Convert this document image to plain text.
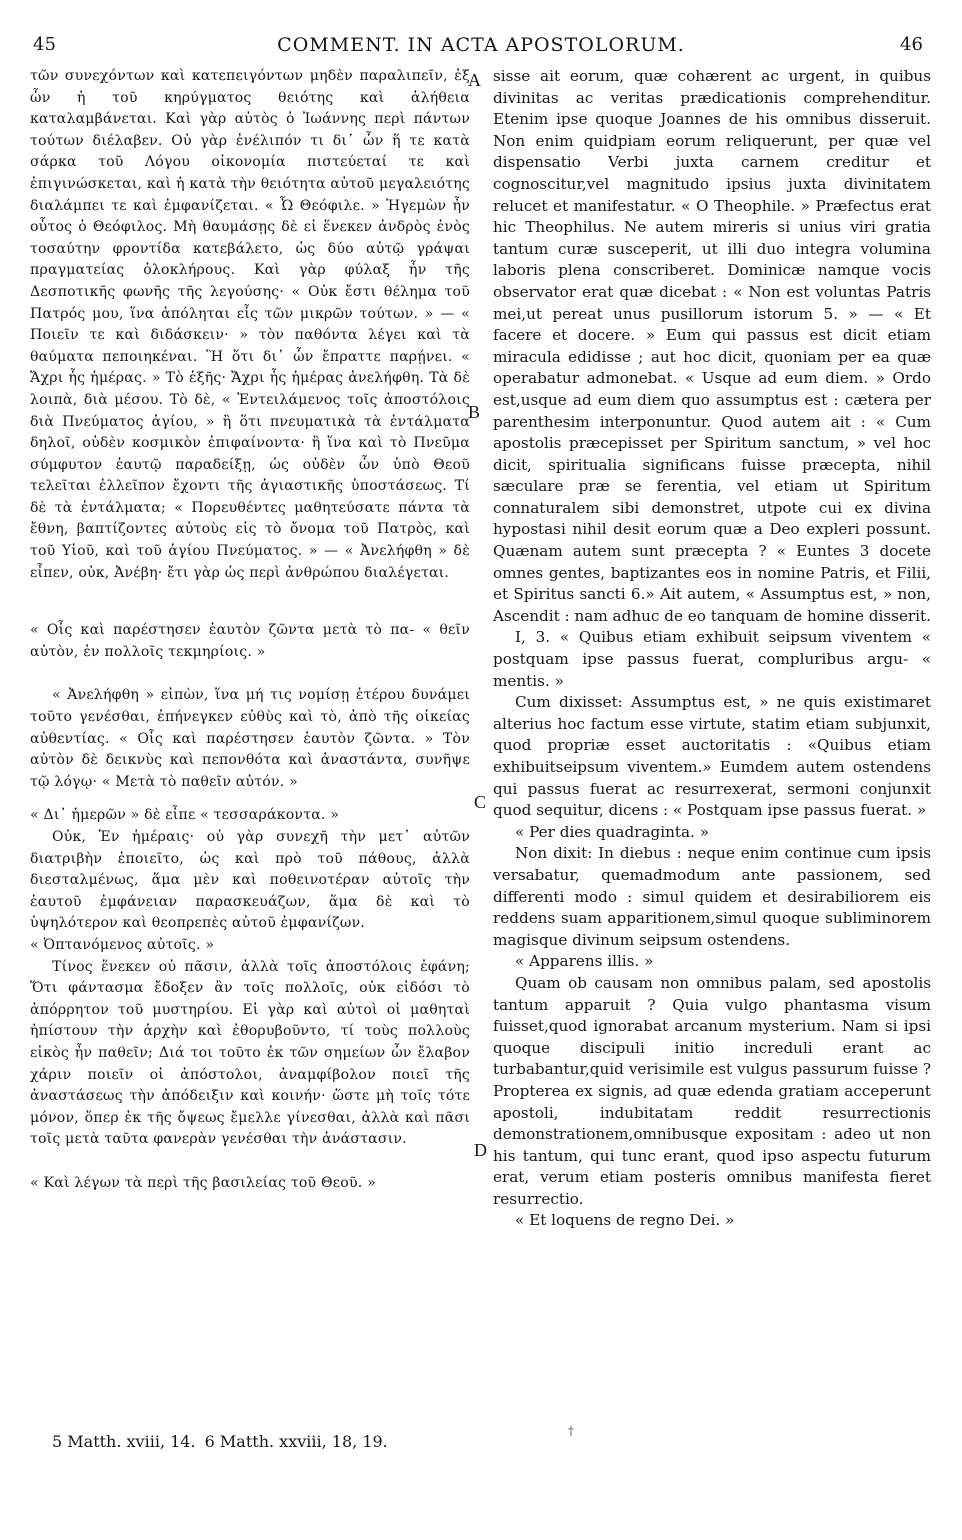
45	COMMENT. IN ACTA APOSTOLORUM.	46

τῶν συνεχόντων καὶ κατεπειγόντων μηδὲν παραλιπεῖν, ἐξ ὧν ἡ τοῦ κηρύγματος θειότης καὶ ἀλήθεια καταλαμβάνεται. Καὶ γὰρ αὐτὸς ὁ Ἰωάννης περὶ πάντων τούτων διέλαβεν. Οὐ γὰρ ἐνέλιπόν τι δι᾿ ὧν ἥ τε κατὰ σάρκα τοῦ Λόγου οἰκονομία πιστεύεταί τε καὶ ἐπιγινώσκεται, καὶ ἡ κατὰ τὴν θειότητα αὐτοῦ μεγαλειότης διαλάμπει τε καὶ ἐμφανίζεται. « Ὦ Θεόφιλε. » Ἡγεμὼν ἦν οὗτος ὁ Θεόφιλος. Μὴ θαυμάσῃς δὲ εἰ ἕνεκεν ἀνδρὸς ἑνὸς τοσαύτην φροντίδα κατεβάλετο, ὡς δύο αὐτῷ γράψαι πραγματείας ὁλοκλήρους. Καὶ γὰρ φύλαξ ἦν τῆς Δεσποτικῆς φωνῆς τῆς λεγούσης· « Οὐκ ἔστι θέλημα τοῦ Πατρός μου, ἵνα ἀπόληται εἷς τῶν μικρῶν τούτων. » — « Ποιεῖν τε καὶ διδάσκειν· » τὸν παθόντα λέγει καὶ τὰ θαύματα πεποιηκέναι. Ἢ ὅτι δι᾿ ὧν ἔπραττε παρῄνει. « Ἄχρι ἧς ἡμέρας. » Τὸ ἑξῆς· Ἄχρι ἧς ἡμέρας ἀνελήφθη. Τὰ δὲ λοιπὰ, διὰ μέσου. Τὸ δὲ, « Ἐντειλάμενος τοῖς ἀποστόλοις διὰ Πνεύματος ἁγίου, » ἢ ὅτι πνευματικὰ τὰ ἐντάλματα δηλοῖ, οὐδὲν κοσμικὸν ἐπιφαίνοντα· ἢ ἵνα καὶ τὸ Πνεῦμα σύμφυτον ἑαυτῷ παραδείξῃ, ὡς οὐδὲν ὧν ὑπὸ Θεοῦ τελεῖται ἐλλεῖπον ἔχοντι τῆς ἁγιαστικῆς ὑποστάσεως. Τί δὲ τὰ ἐντάλματα; « Πορευθέντες μαθητεύσατε πάντα τὰ ἔθνη, βαπτίζοντες αὐτοὺς εἰς τὸ ὄνομα τοῦ Πατρὸς, καὶ τοῦ Υἱοῦ, καὶ τοῦ ἁγίου Πνεύματος. » — « Ἀνελήφθη » δὲ εἶπεν, οὐκ, Ἀνέβη· ἔτι γὰρ ὡς περὶ ἀνθρώπου διαλέγεται.

« Οἷς καὶ παρέστησεν ἑαυτὸν ζῶντα μετὰ τὸ πα- « θεῖν αὐτὸν, ἐν πολλοῖς τεκμηρίοις. »

« Ἀνελήφθη » εἰπὼν, ἵνα μή τις νομίσῃ ἑτέρου δυνάμει τοῦτο γενέσθαι, ἐπήνεγκεν εὐθὺς καὶ τὸ, ἀπὸ τῆς οἰκείας αὐθεντίας. « Οἷς καὶ παρέστησεν ἑαυτὸν ζῶντα. » Τὸν αὐτὸν δὲ δεικνὺς καὶ πεπονθότα καὶ ἀναστάντα, συνῆψε τῷ λόγῳ· « Μετὰ τὸ παθεῖν αὐτόν. »

« Δι᾿ ἡμερῶν » δὲ εἶπε « τεσσαράκοντα. »

Οὐκ, Ἐν ἡμέραις· οὐ γὰρ συνεχῆ τὴν μετ᾿ αὐτῶν διατριβὴν ἐποιεῖτο, ὡς καὶ πρὸ τοῦ πάθους, ἀλλὰ διεσταλμένως, ἅμα μὲν καὶ ποθεινοτέραν αὐτοῖς τὴν ἑαυτοῦ ἐμφάνειαν παρασκευάζων, ἅμα δὲ καὶ τὸ ὑψηλότερον καὶ θεοπρεπὲς αὐτοῦ ἐμφανίζων.

« Ὀπτανόμενος αὐτοῖς. »

Τίνος ἕνεκεν οὐ πᾶσιν, ἀλλὰ τοῖς ἀποστόλοις ἐφάνη; Ὅτι φάντασμα ἔδοξεν ἂν τοῖς πολλοῖς, οὐκ εἰδόσι τὸ ἀπόρρητον τοῦ μυστηρίου. Εἰ γὰρ καὶ αὐτοὶ οἱ μαθηταὶ ἠπίστουν τὴν ἀρχὴν καὶ ἐθορυβοῦντο, τί τοὺς πολλοὺς εἰκὸς ἦν παθεῖν; Διά τοι τοῦτο ἐκ τῶν σημείων ὧν ἔλαβον χάριν ποιεῖν οἱ ἀπόστολοι, ἀναμφίβολον ποιεῖ τῆς ἀναστάσεως τὴν ἀπόδειξιν καὶ κοινήν· ὥστε μὴ τοῖς τότε μόνον, ὅπερ ἐκ τῆς ὄψεως ἔμελλε γίνεσθαι, ἀλλὰ καὶ πᾶσι τοῖς μετὰ ταῦτα φανερὰν γενέσθαι τὴν ἀνάστασιν.

« Καὶ λέγων τὰ περὶ τῆς βασιλείας τοῦ Θεοῦ. »

A
B
C
D

sisse ait eorum, quæ cohærent ac urgent, in quibus divinitas ac veritas prædicationis comprehenditur. Etenim ipse quoque Joannes de his omnibus disseruit. Non enim quidpiam eorum reliquerunt, per quæ vel dispensatio Verbi juxta carnem creditur et cognoscitur,vel magnitudo ipsius juxta divinitatem relucet et manifestatur. « O Theophile. » Præfectus erat hic Theophilus. Ne autem mireris si unius viri gratia tantum curæ susceperit, ut illi duo integra volumina laboris plena conscriberet. Dominicæ namque vocis observator erat quæ dicebat : « Non est voluntas Patris mei,ut pereat unus pusillorum istorum 5. » — « Et facere et docere. » Eum qui passus est dicit etiam miracula edidisse ; aut hoc dicit, quoniam per ea quæ operabatur admonebat. « Usque ad eum diem. » Ordo est,usque ad eum diem quo assumptus est : cætera per parenthesim interponuntur. Quod autem ait : « Cum apostolis præcepisset per Spiritum sanctum, » vel hoc dicit, spiritualia significans fuisse præcepta, nihil sæculare præ se ferentia, vel etiam ut Spiritum connaturalem sibi demonstret, utpote cui ex divina hypostasi nihil desit eorum quæ a Deo expleri possunt. Quænam autem sunt præcepta ? « Euntes 3 docete omnes gentes, baptizantes eos in nomine Patris, et Filii, et Spiritus sancti 6.» Ait autem, « Assumptus est, » non, Ascendit : nam adhuc de eo tanquam de homine disserit.

I, 3. « Quibus etiam exhibuit seipsum viventem « postquam ipse passus fuerat, compluribus argu- « mentis. »

Cum dixisset: Assumptus est, » ne quis existimaret alterius hoc factum esse virtute, statim etiam subjunxit, quod propriæ esset auctoritatis : «Quibus etiam exhibuitseipsum viventem.» Eumdem autem ostendens qui passus fuerat ac resurrexerat, sermoni conjunxit quod sequitur, dicens : « Postquam ipse passus fuerat. »

« Per dies quadraginta. »

Non dixit: In diebus : neque enim continue cum ipsis versabatur, quemadmodum ante passionem, sed differenti modo : simul quidem et desirabiliorem eis reddens suam apparitionem,simul quoque subliminorem magisque divinum seipsum ostendens.

« Apparens illis. »

Quam ob causam non omnibus palam, sed apostolis tantum apparuit ? Quia vulgo phantasma visum fuisset,quod ignorabat arcanum mysterium. Nam si ipsi quoque discipuli initio increduli erant ac turbabantur,quid verisimile est vulgus passurum fuisse ? Propterea ex signis, ad quæ edenda gratiam acceperunt apostoli, indubitatam reddit resurrectionis demonstrationem,omnibusque expositam : adeo ut non his tantum, qui tunc erant, quod ipso aspectu futurum erat, verum etiam posteris omnibus manifesta fieret resurrectio.

« Et loquens de regno Dei. »

5 Matth. xviii, 14. 6 Matth. xxviii, 18, 19.
†
